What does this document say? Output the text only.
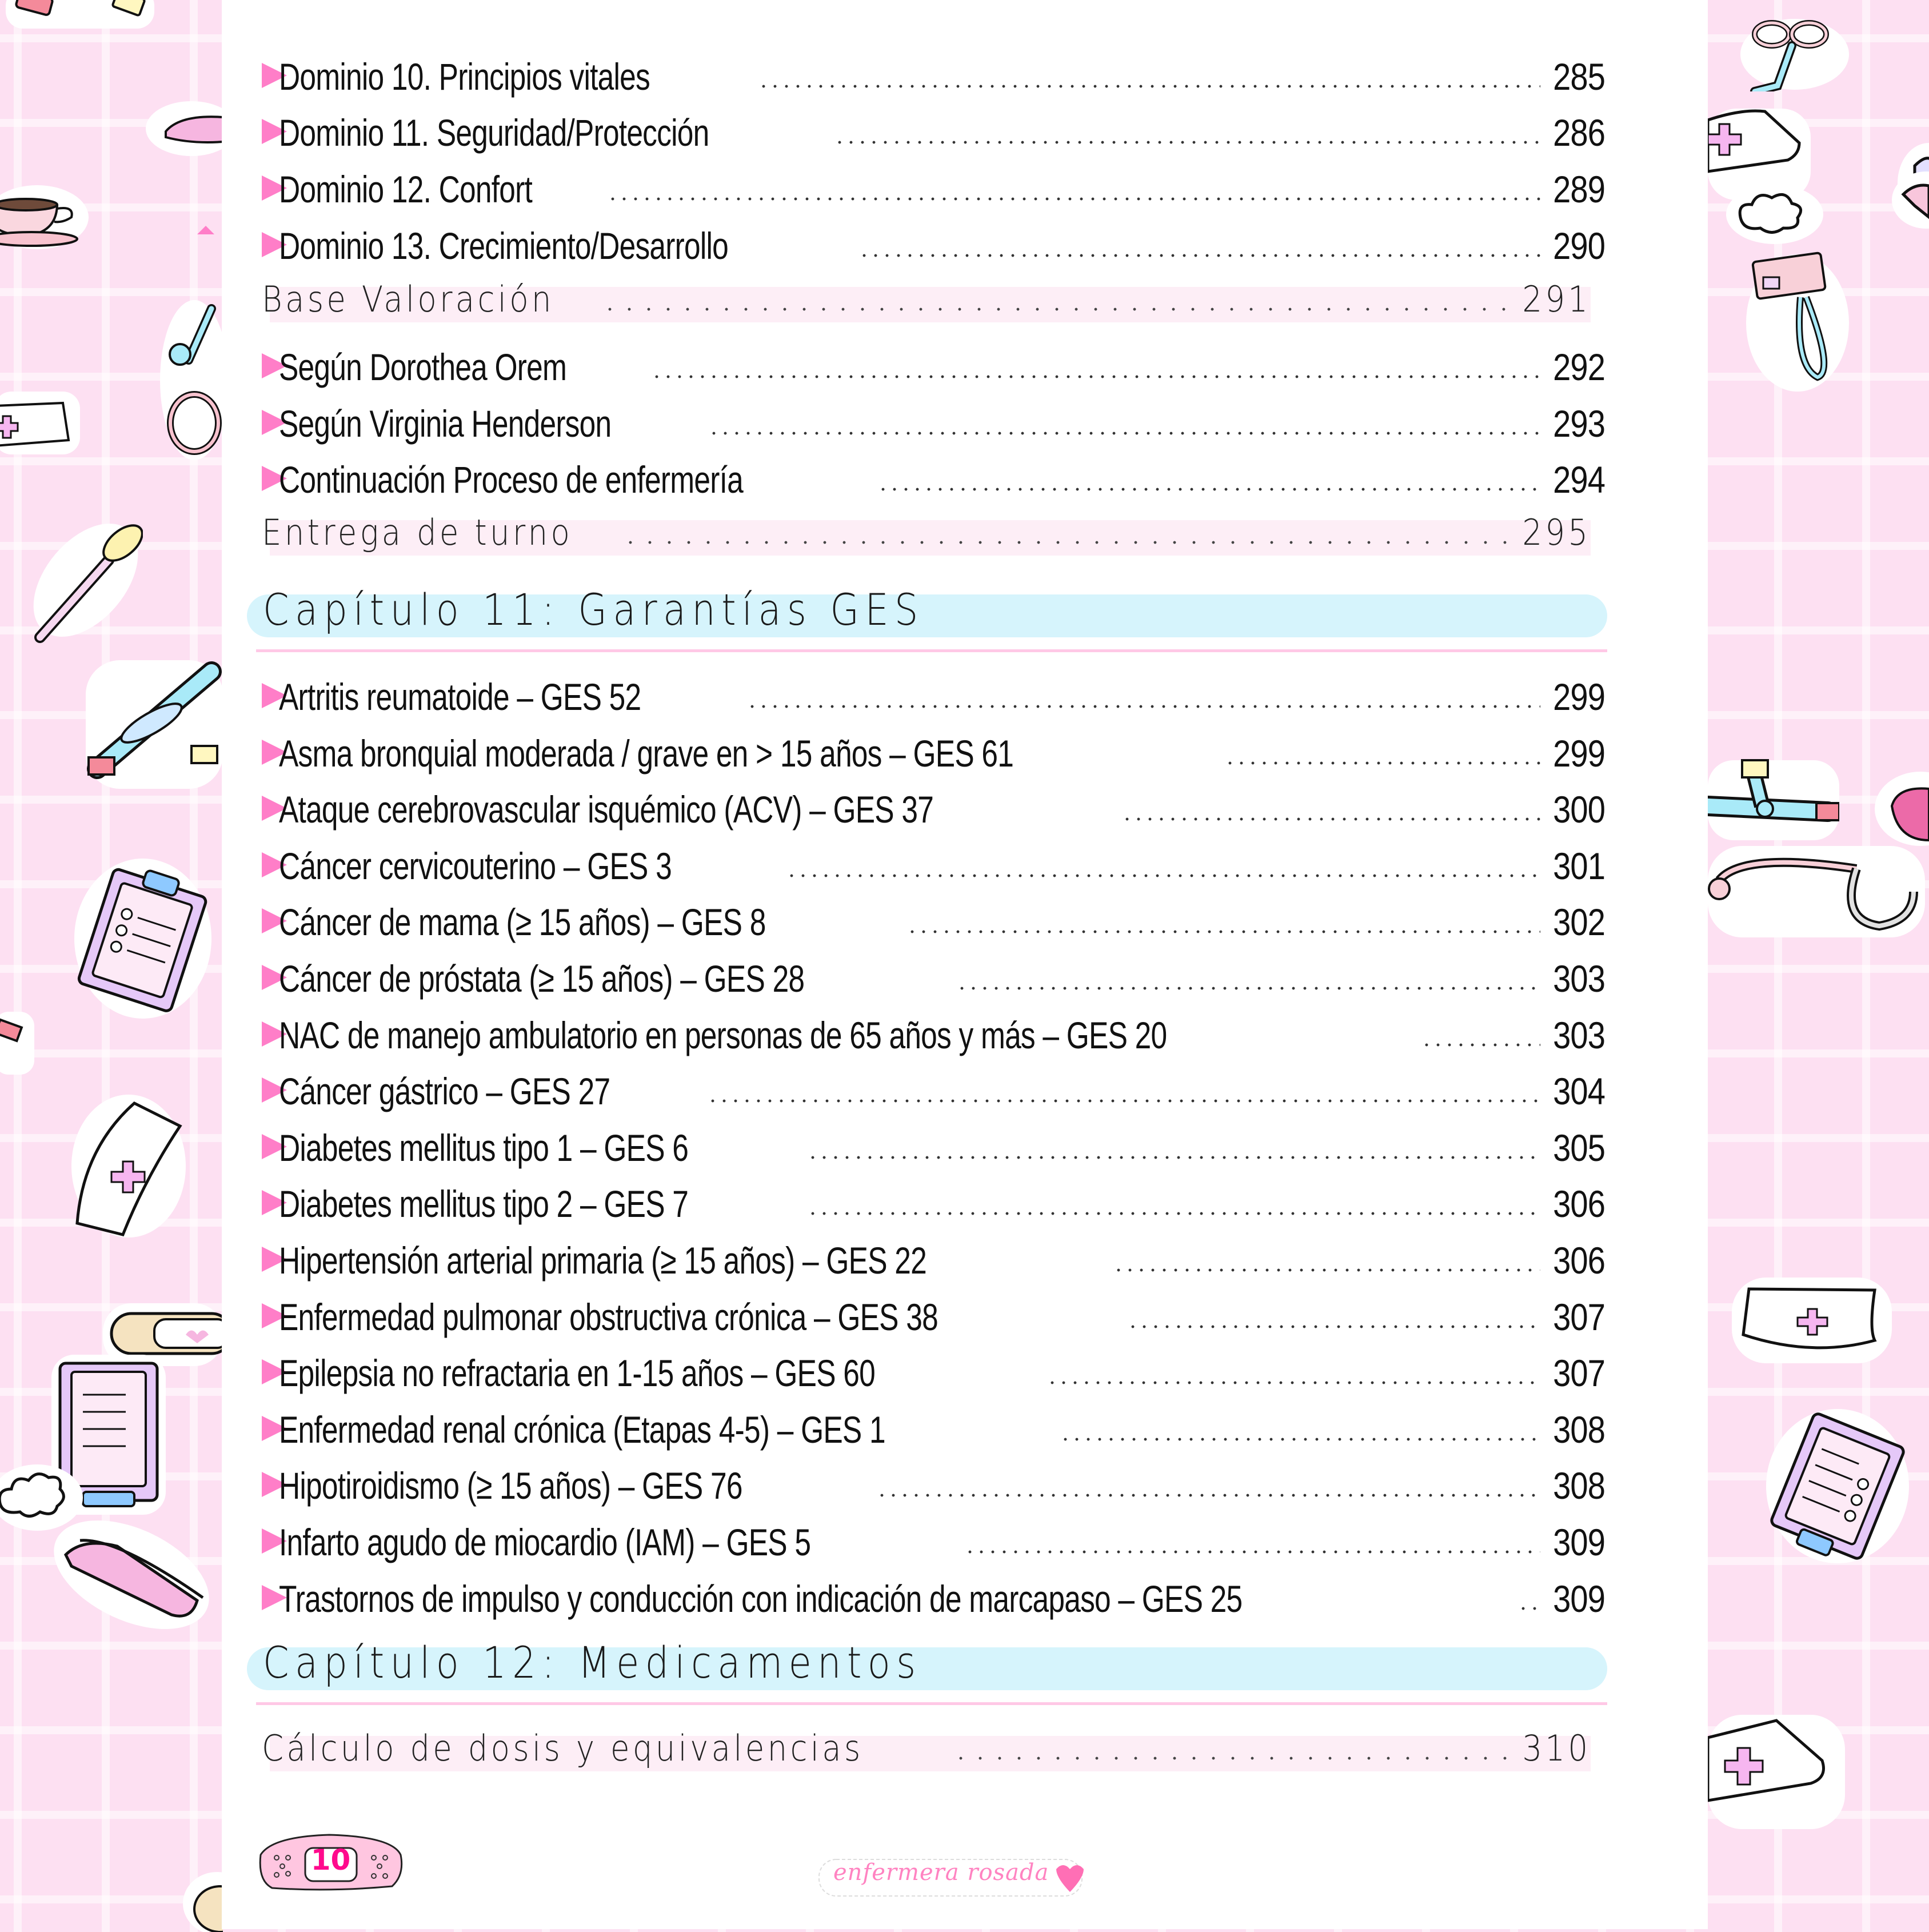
Dominio 10. Principios vitales	285
Dominio 11. Seguridad/Protección	286
Dominio 12. Confort	289
Dominio 13. Crecimiento/Desarrollo	290
Base Valoración	291
Según Dorothea Orem	292
Según Virginia Henderson	293
Continuación Proceso de enfermería	294
Entrega de turno	295
Capítulo 11: Garantías GES
Artritis reumatoide – GES 52	299
Asma bronquial moderada / grave en > 15 años – GES 61	299
Ataque cerebrovascular isquémico (ACV) – GES 37	300
Cáncer cervicouterino – GES 3	301
Cáncer de mama (≥ 15 años) – GES 8	302
Cáncer de próstata (≥ 15 años) – GES 28	303
NAC de manejo ambulatorio en personas de 65 años y más – GES 20	303
Cáncer gástrico – GES 27	304
Diabetes mellitus tipo 1 – GES 6	305
Diabetes mellitus tipo 2 – GES 7	306
Hipertensión arterial primaria (≥ 15 años) – GES 22	306
Enfermedad pulmonar obstructiva crónica – GES 38	307
Epilepsia no refractaria en 1-15 años – GES 60	307
Enfermedad renal crónica (Etapas 4-5) – GES 1	308
Hipotiroidismo (≥ 15 años) – GES 76	308
Infarto agudo de miocardio (IAM) – GES 5	309
Trastornos de impulso y conducción con indicación de marcapaso – GES 25	309
Capítulo 12: Medicamentos
Cálculo de dosis y equivalencias	310
10	enfermera rosada
